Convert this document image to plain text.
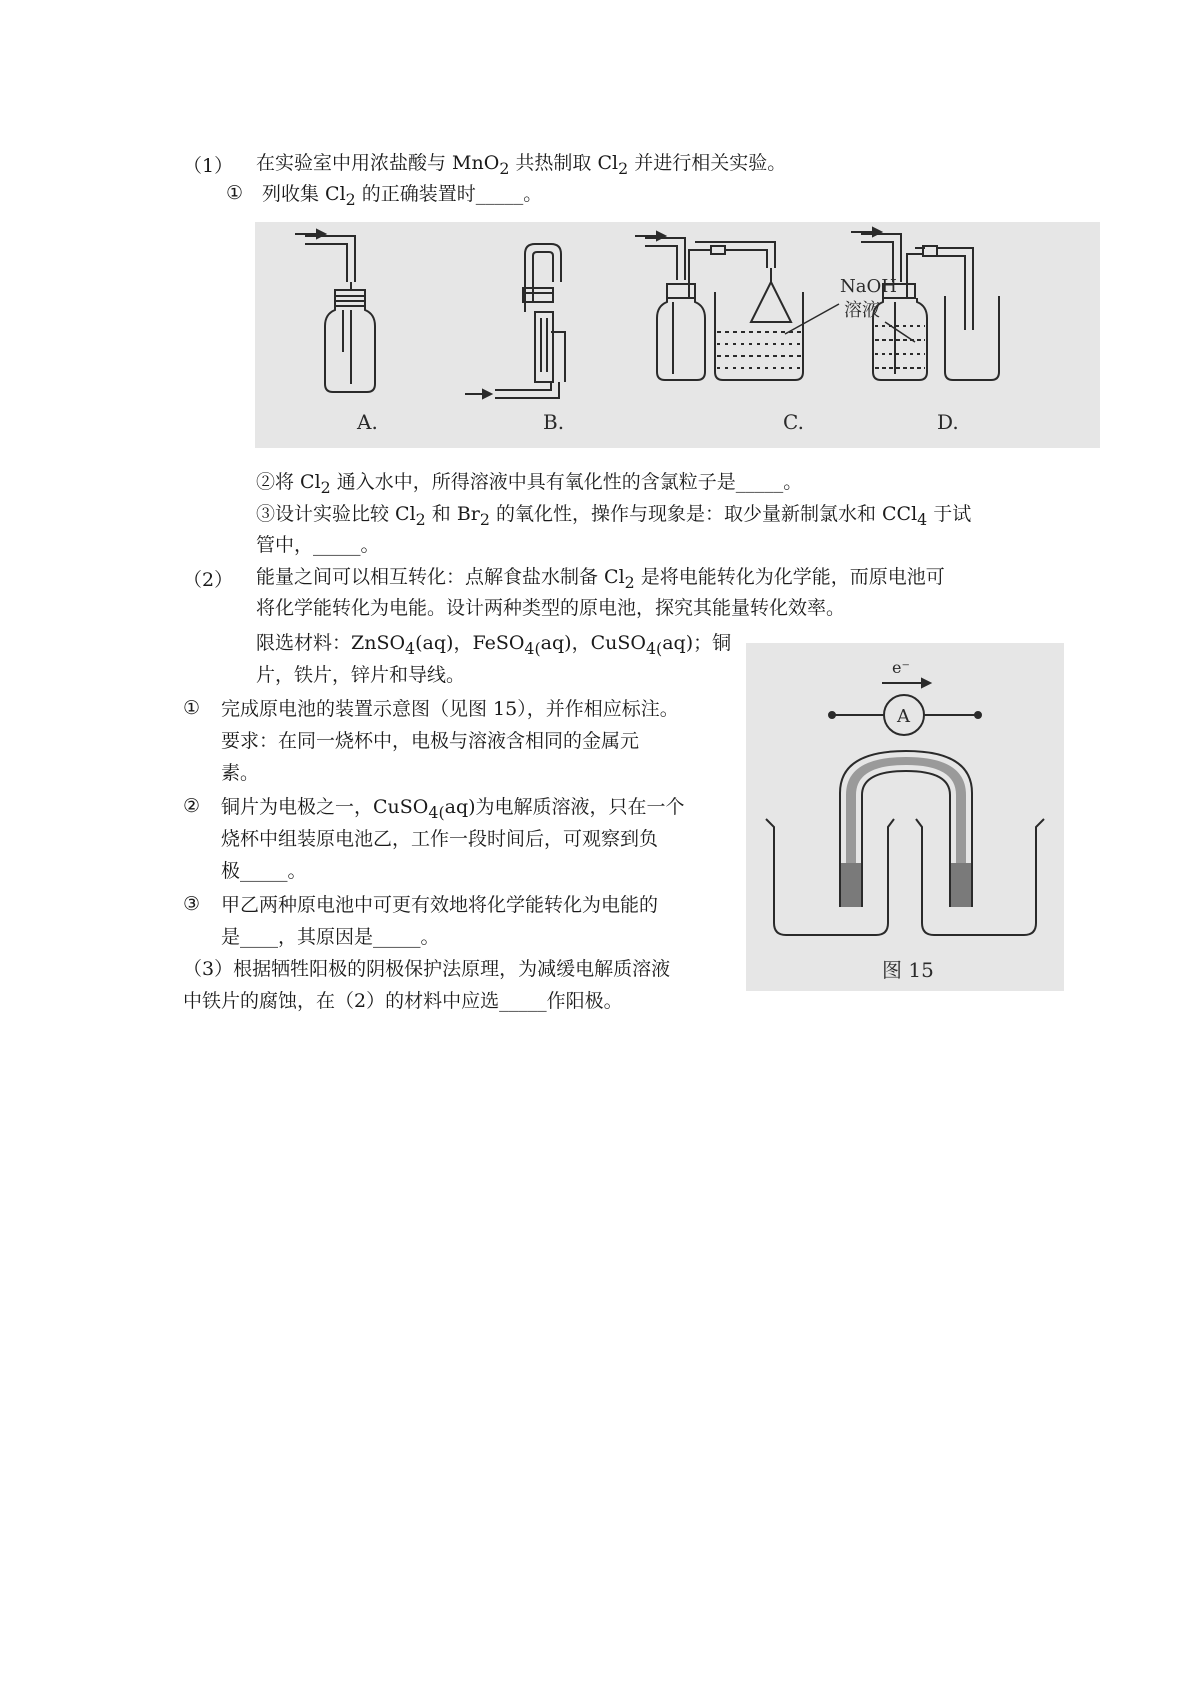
（1） 在实验室中用浓盐酸与 MnO$_2$ 共热制取 $Cl_2$ 并进行相关实验。
① 列收集 $Cl_2$ 的正确装置时_____。
A.	B.	C.
NaOH
溶液
D.
②将 $Cl_2$ 通入水中，所得溶液中具有氧化性的含氯粒子是_____。
③设计实验比较 $Cl_2$ 和 $Br_2$ 的氧化性，操作与现象是：取少量新制氯水和 CCl$_4$ 于试
管中，_____。
（2） 能量之间可以相互转化：点解食盐水制备 $Cl_2$ 是将电能转化为化学能，而原电池可
将化学能转化为电能。设计两种类型的原电池，探究其能量转化效率。
限选材料：ZnSO$_4$(aq)，FeSO$_{4(}$aq)，CuSO$_{4(}$aq)；铜
片，铁片，锌片和导线。
① 完成原电池的装置示意图（见图 15），并作相应标注。
要求：在同一烧杯中，电极与溶液含相同的金属元
素。
② 铜片为电极之一，CuSO$_{4(}$aq)为电解质溶液，只在一个
烧杯中组装原电池乙，工作一段时间后，可观察到负
极_____。
③ 甲乙两种原电池中可更有效地将化学能转化为电能的
是____，其原因是_____。
（3）根据牺牲阳极的阴极保护法原理，为减缓电解质溶液
中铁片的腐蚀，在（2）的材料中应选_____作阳极。
e⁻
A
图 15
